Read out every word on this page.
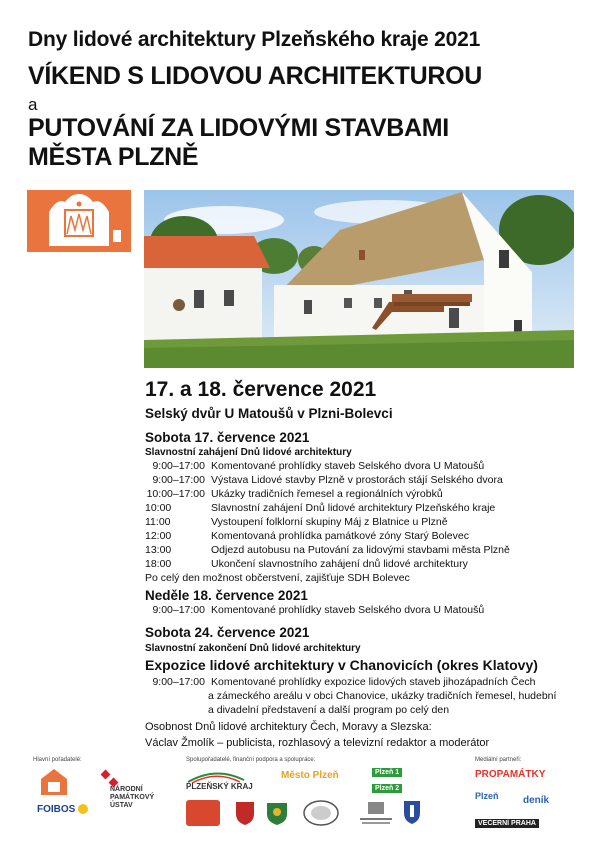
Dny lidové architektury Plzeňského kraje 2021
VÍKEND S LIDOVOU ARCHITEKTUROU
a
PUTOVÁNÍ ZA LIDOVÝMI STAVBAMI
MĚSTA PLZNĚ
17. a 18. července 2021
Selský dvůr U Matoušů v Plzni-Bolevci
Sobota 17. července 2021
Slavnostní zahájení Dnů lidové architektury
9:00–17:00 Komentované prohlídky staveb Selského dvora U Matoušů
9:00–17:00 Výstava Lidové stavby Plzně v prostorách stájí Selského dvora
10:00–17:00 Ukázky tradičních řemesel a regionálních výrobků
10:00	Slavnostní zahájení Dnů lidové architektury Plzeňského kraje
11:00	Vystoupení folklorní skupiny Máj z Blatnice u Plzně
12:00	Komentovaná prohlídka památkové zóny Starý Bolevec
13:00	Odjezd autobusu na Putování za lidovými stavbami města Plzně
18:00	Ukončení slavnostního zahájení dnů lidové architektury
Po celý den možnost občerstvení, zajišťuje SDH Bolevec
Neděle 18. července 2021
9:00–17:00 Komentované prohlídky staveb Selského dvora U Matoušů
Sobota 24. července 2021
Slavnostní zakončení Dnů lidové architektury
Expozice lidové architektury v Chanovicích (okres Klatovy)
9:00–17:00 Komentované prohlídky expozice lidových staveb jihozápadních Čech
a zámeckého areálu v obci Chanovice, ukázky tradičních řemesel, hudební
a divadelní představení a další program po celý den
Osobnost Dnů lidové architektury Čech, Moravy a Slezska:
Václav Žmolík – publicista, rozhlasový a televizní redaktor a moderátor
Hlavní pořadatelé:	Spolupořadatelé, finanční podpora a spolupráce:	Mediální partneři:
NÁRODNÍ PAMÁTKOVÝ ÚSTAV
FOIBOS
PLZEŇSKÝ KRAJ
Město Plzeň	Plzeň 1
Plzeň 2
PROPAMÁTKY
Plzeň deník
VEČERNÍ PRAHA
